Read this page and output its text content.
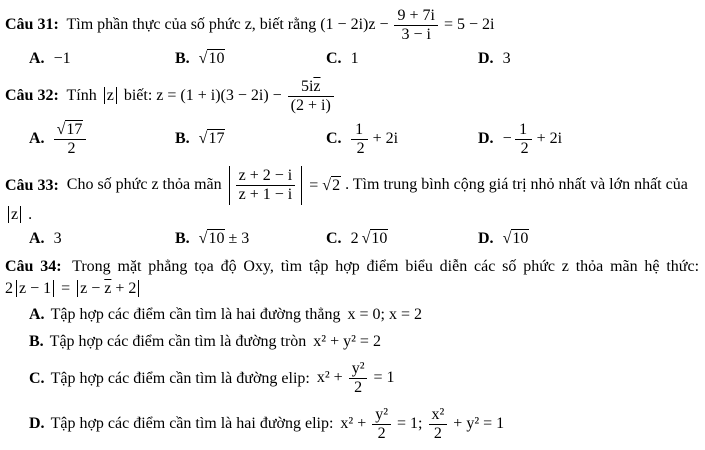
Câu 31: Tìm phần thực của số phức z, biết rằng $(1 - 2i)z - \frac{9 + 7i}{3 - i} = 5 - 2i$
A. −1	B.	√ 10	C. 1	D. 3
Câu 32: Tính z biết: $z = (1 + i)(3 - 2i) - \frac{5i\overline{z}}{(2 + i)}$
A. √ $\frac{17}{2}$	B.	√ 17	C. $\frac{1}{2} + 2i$	D. − $\frac{1}{2} + 2i$
Câu 33: Cho số phức z thỏa mãn $\frac{z + 2 - i}{z + 1 - i}$ = √ 2 . Tìm trung bình cộng giá trị nhỏ nhất và lớn nhất của z .
A. 3	B.	√ 10 ± 3	C. 2 √ 10	D.	√ 10
Câu 34: Trong mặt phẳng tọa độ Oxy, tìm tập hợp điểm biểu diễn các số phức z thỏa mãn hệ thức:
2 $z - 1 = z - \overline{z} + 2$
A. Tập hợp các điểm cần tìm là hai đường thẳng x = 0; x = 2
B. Tập hợp các điểm cần tìm là đường tròn x² + y² = 2
C. Tập hợp các điểm cần tìm là đường elip: $x^2 + \frac{\text{y²}}{2} = 1$
D. Tập hợp các điểm cần tìm là hai đường elip: $x^2 + \frac{\text{y²}}{2} = 1$; $\frac{\text{x²}}{2} + y^2 = 1$
